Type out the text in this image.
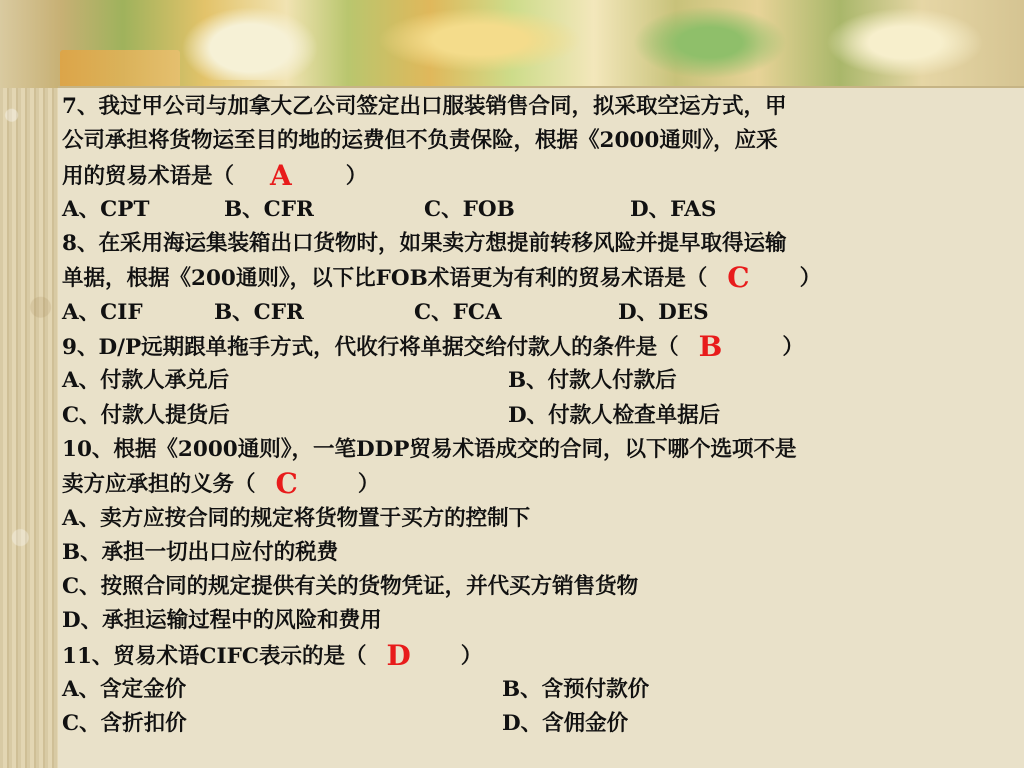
7、我过甲公司与加拿大乙公司签定出口服装销售合同，拟采取空运方式，甲
公司承担将货物运至目的地的运费但不负责保险，根据《2000通则》，应采
用的贸易术语是（ A	）
A、CPT	B、CFR	C、FOB	D、FAS
8、在采用海运集装箱出口货物时，如果卖方想提前转移风险并提早取得运输
单据，根据《200通则》，以下比FOB术语更为有利的贸易术语是（ C ）
A、CIF	B、CFR	C、FCA	D、DES
9、D/P远期跟单拖手方式，代收行将单据交给付款人的条件是（ B	）
A、付款人承兑后	B、付款人付款后
C、付款人提货后	D、付款人检查单据后
10、根据《2000通则》，一笔DDP贸易术语成交的合同，以下哪个选项不是
卖方应承担的义务（ C	）
A、卖方应按合同的规定将货物置于买方的控制下
B、承担一切出口应付的税费
C、按照合同的规定提供有关的货物凭证，并代买方销售货物
D、承担运输过程中的风险和费用
11、贸易术语CIFC表示的是（ D ）
A、含定金价	B、含预付款价
C、含折扣价	D、含佣金价
